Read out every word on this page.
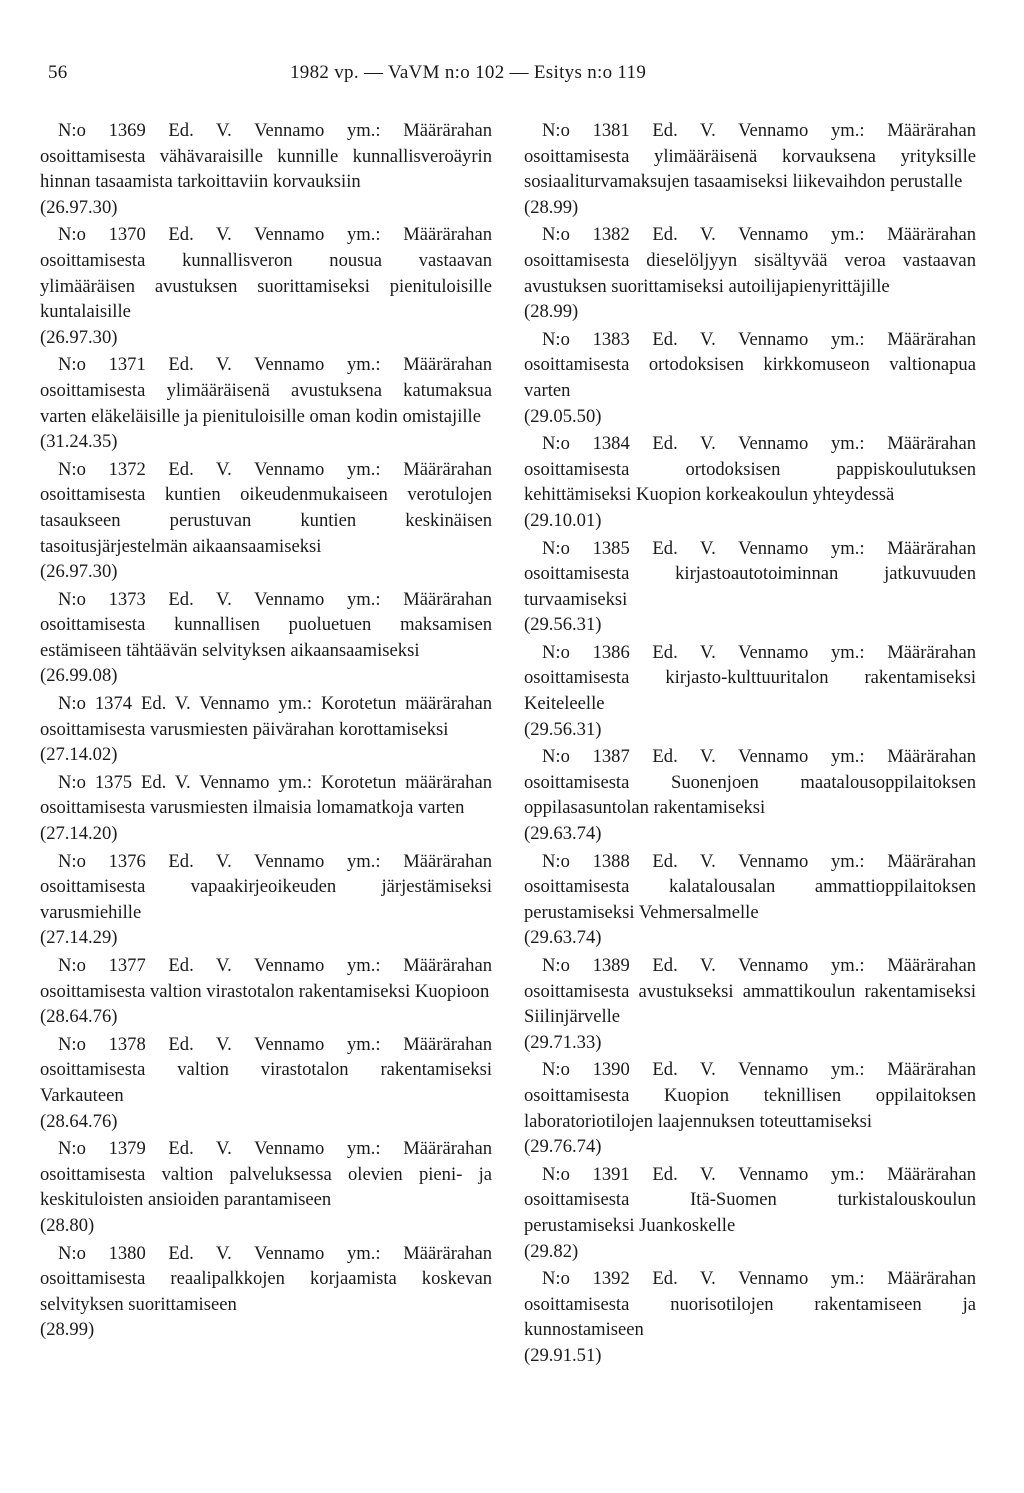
56	1982 vp. — VaVM n:o 102 — Esitys n:o 119

N:o 1369 Ed. V. Vennamo ym.: Määrärahan osoittamisesta vähävaraisille kunnille kunnallisveroäyrin hinnan tasaamista tarkoittaviin korvauksiin

(26.97.30)

N:o 1370 Ed. V. Vennamo ym.: Määrärahan osoittamisesta kunnallisveron nousua vastaavan ylimääräisen avustuksen suorittamiseksi pienituloisille kuntalaisille

(26.97.30)

N:o 1371 Ed. V. Vennamo ym.: Määrärahan osoittamisesta ylimääräisenä avustuksena katumaksua varten eläkeläisille ja pienituloisille oman kodin omistajille

(31.24.35)

N:o 1372 Ed. V. Vennamo ym.: Määrärahan osoittamisesta kuntien oikeudenmukaiseen verotulojen tasaukseen perustuvan kuntien keskinäisen tasoitusjärjestelmän aikaansaamiseksi

(26.97.30)

N:o 1373 Ed. V. Vennamo ym.: Määrärahan osoittamisesta kunnallisen puoluetuen maksamisen estämiseen tähtäävän selvityksen aikaansaamiseksi

(26.99.08)

N:o 1374 Ed. V. Vennamo ym.: Korotetun määrärahan osoittamisesta varusmiesten päivärahan korottamiseksi

(27.14.02)

N:o 1375 Ed. V. Vennamo ym.: Korotetun määrärahan osoittamisesta varusmiesten ilmaisia lomamatkoja varten

(27.14.20)

N:o 1376 Ed. V. Vennamo ym.: Määrärahan osoittamisesta vapaakirjeoikeuden järjestämiseksi varusmiehille

(27.14.29)

N:o 1377 Ed. V. Vennamo ym.: Määrärahan osoittamisesta valtion virastotalon rakentamiseksi Kuopioon

(28.64.76)

N:o 1378 Ed. V. Vennamo ym.: Määrärahan osoittamisesta valtion virastotalon rakentamiseksi Varkauteen

(28.64.76)

N:o 1379 Ed. V. Vennamo ym.: Määrärahan osoittamisesta valtion palveluksessa olevien pieni- ja keskituloisten ansioiden parantamiseen

(28.80)

N:o 1380 Ed. V. Vennamo ym.: Määrärahan osoittamisesta reaalipalkkojen korjaamista koskevan selvityksen suorittamiseen

(28.99)

N:o 1381 Ed. V. Vennamo ym.: Määrärahan osoittamisesta ylimääräisenä korvauksena yrityksille sosiaaliturvamaksujen tasaamiseksi liikevaihdon perustalle

(28.99)

N:o 1382 Ed. V. Vennamo ym.: Määrärahan osoittamisesta dieselöljyyn sisältyvää veroa vastaavan avustuksen suorittamiseksi autoilijapienyrittäjille

(28.99)

N:o 1383 Ed. V. Vennamo ym.: Määrärahan osoittamisesta ortodoksisen kirkkomuseon valtionapua varten

(29.05.50)

N:o 1384 Ed. V. Vennamo ym.: Määrärahan osoittamisesta ortodoksisen pappiskoulutuksen kehittämiseksi Kuopion korkeakoulun yhteydessä

(29.10.01)

N:o 1385 Ed. V. Vennamo ym.: Määrärahan osoittamisesta kirjastoautotoiminnan jatkuvuuden turvaamiseksi

(29.56.31)

N:o 1386 Ed. V. Vennamo ym.: Määrärahan osoittamisesta kirjasto-kulttuuritalon rakentamiseksi Keiteleelle

(29.56.31)

N:o 1387 Ed. V. Vennamo ym.: Määrärahan osoittamisesta Suonenjoen maatalousoppilaitoksen oppilasasuntolan rakentamiseksi

(29.63.74)

N:o 1388 Ed. V. Vennamo ym.: Määrärahan osoittamisesta kalatalousalan ammattioppilaitoksen perustamiseksi Vehmersalmelle

(29.63.74)

N:o 1389 Ed. V. Vennamo ym.: Määrärahan osoittamisesta avustukseksi ammattikoulun rakentamiseksi Siilinjärvelle

(29.71.33)

N:o 1390 Ed. V. Vennamo ym.: Määrärahan osoittamisesta Kuopion teknillisen oppilaitoksen laboratoriotilojen laajennuksen toteuttamiseksi

(29.76.74)

N:o 1391 Ed. V. Vennamo ym.: Määrärahan osoittamisesta Itä-Suomen turkistalouskoulun perustamiseksi Juankoskelle

(29.82)

N:o 1392 Ed. V. Vennamo ym.: Määrärahan osoittamisesta nuorisotilojen rakentamiseen ja kunnostamiseen

(29.91.51)
